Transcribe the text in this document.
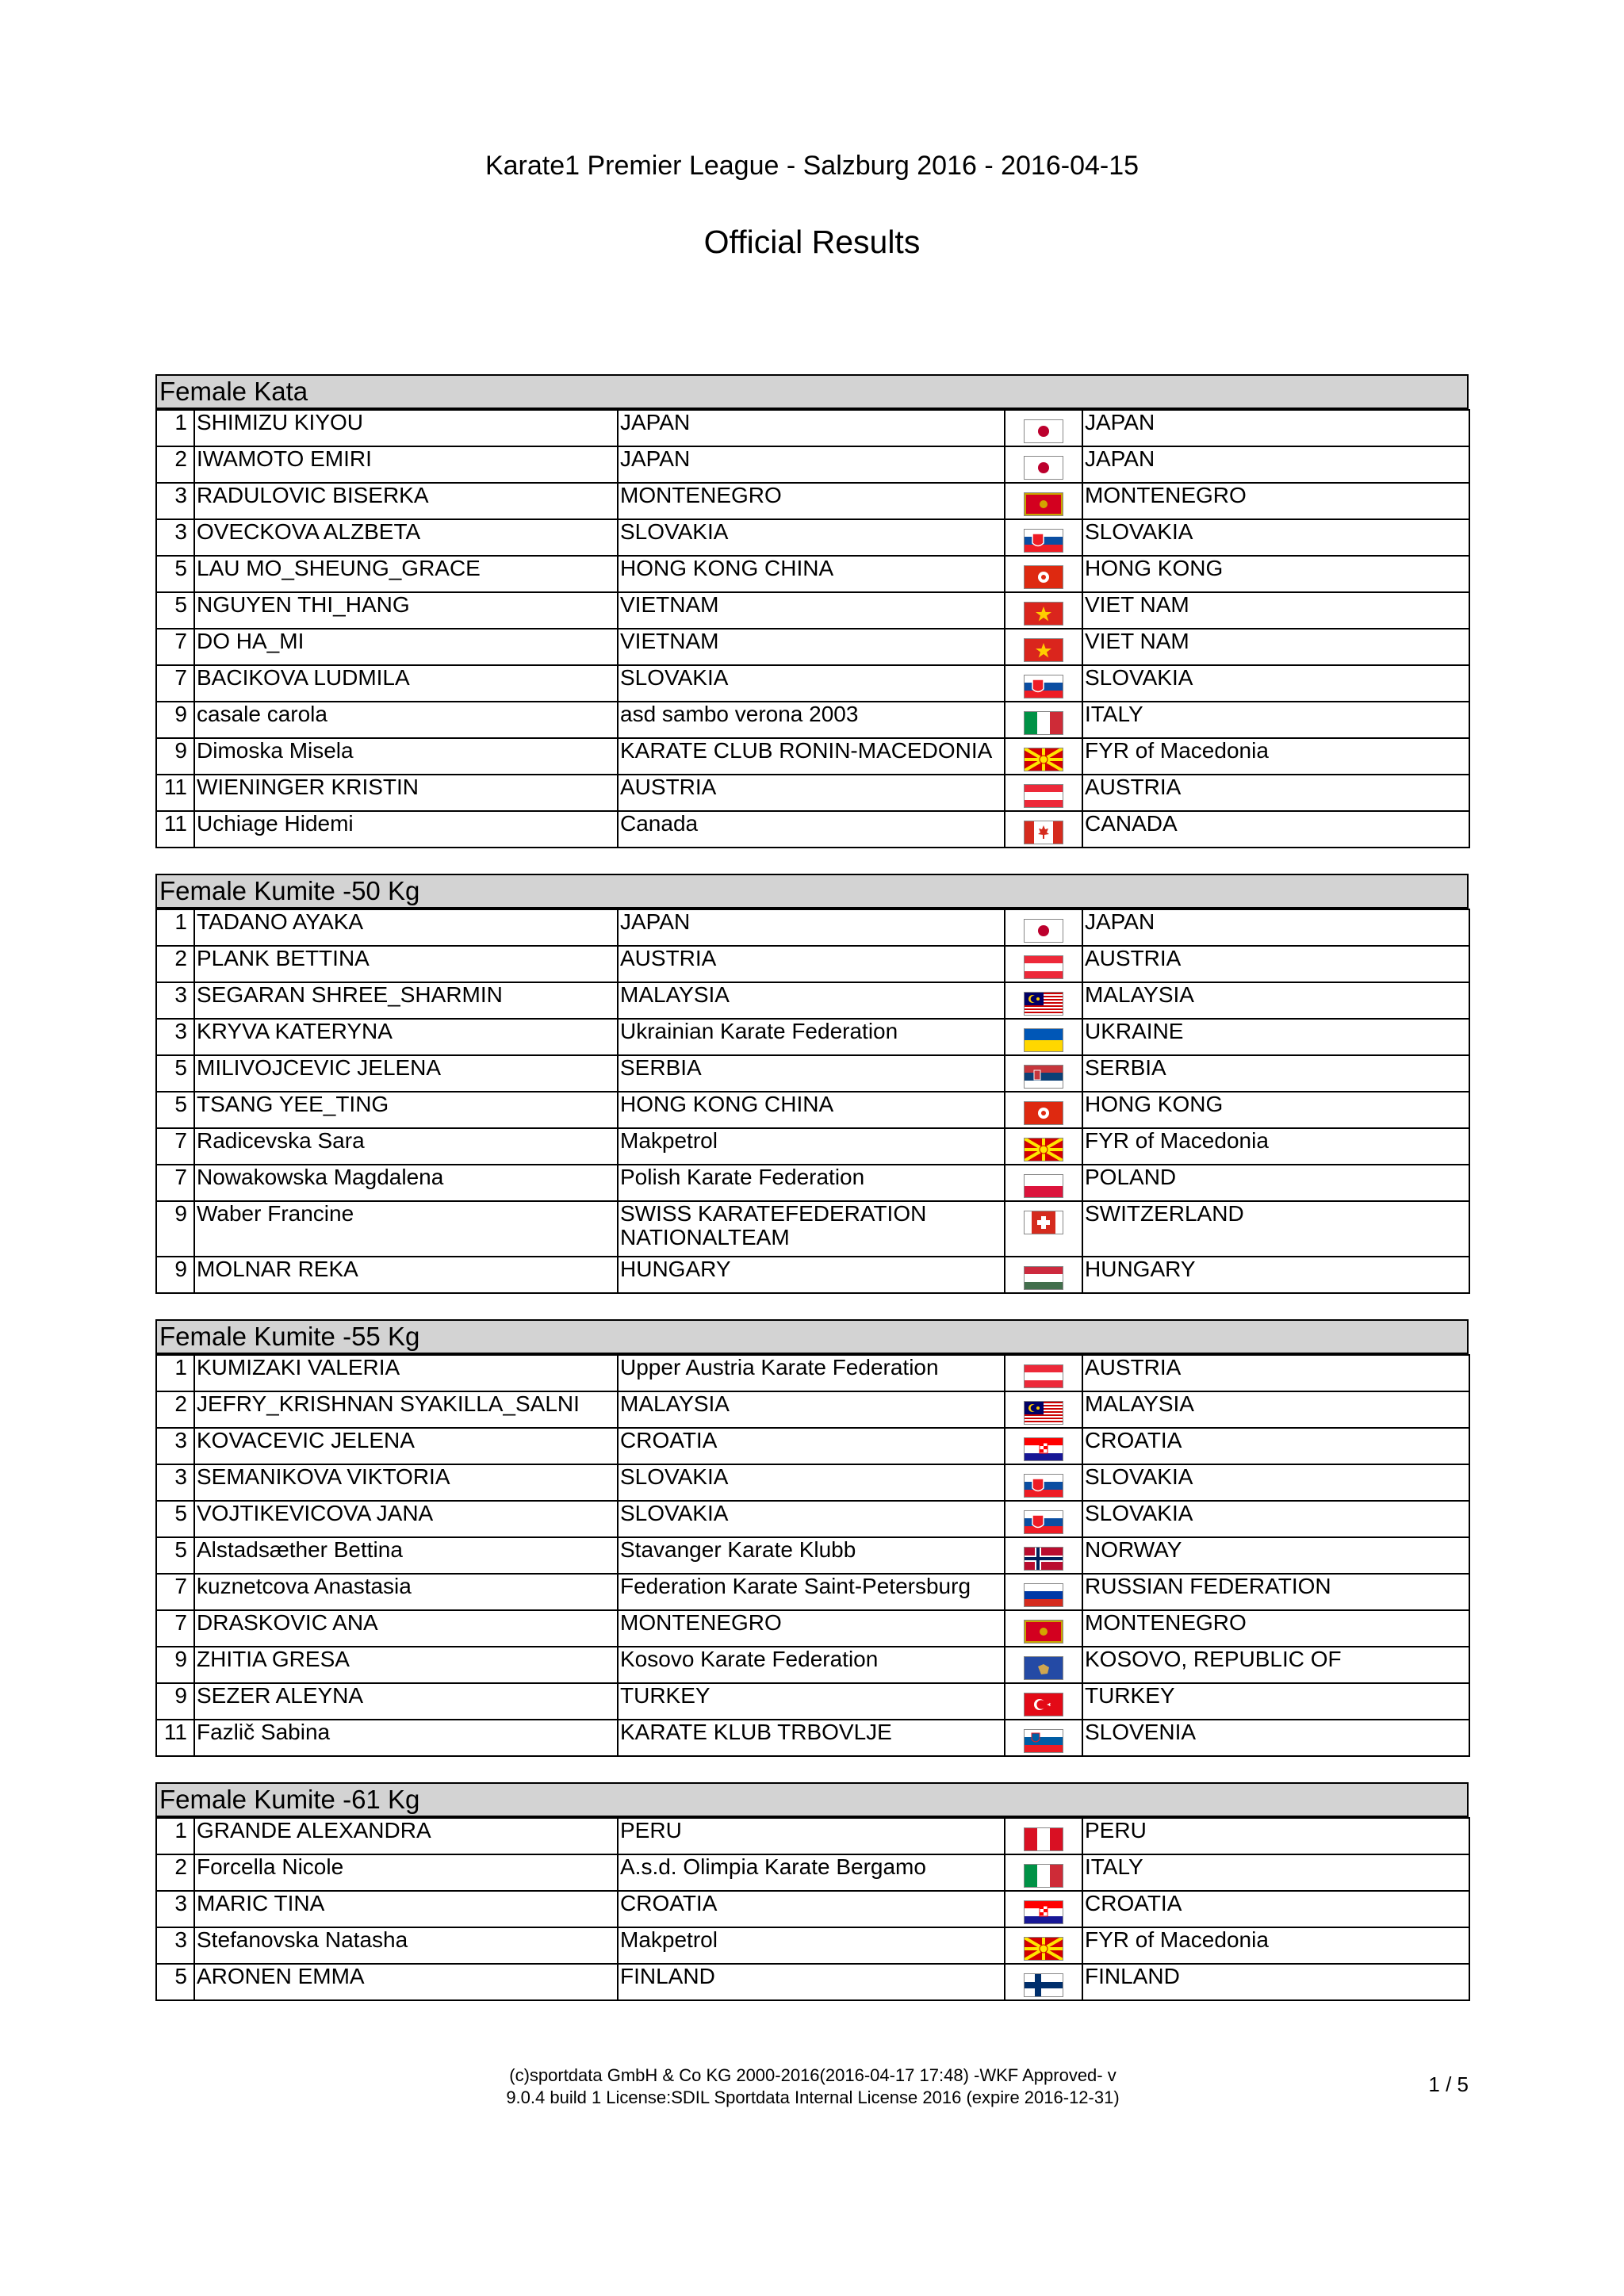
Karate1 Premier League - Salzburg 2016 - 2016-04-15
Official Results
Female Kata
1	SHIMIZU KIYOU	JAPAN		JAPAN
2	IWAMOTO EMIRI	JAPAN		JAPAN
3	RADULOVIC BISERKA	MONTENEGRO		MONTENEGRO
3	OVECKOVA ALZBETA	SLOVAKIA		SLOVAKIA
5	LAU MO_SHEUNG_GRACE	HONG KONG CHINA		HONG KONG
5	NGUYEN THI_HANG	VIETNAM		VIET NAM
7	DO HA_MI	VIETNAM		VIET NAM
7	BACIKOVA LUDMILA	SLOVAKIA		SLOVAKIA
9	casale carola	asd sambo verona 2003		ITALY
9	Dimoska Misela	KARATE CLUB RONIN-MACEDONIA		FYR of Macedonia
11	WIENINGER KRISTIN	AUSTRIA		AUSTRIA
11	Uchiage Hidemi	Canada		CANADA
Female Kumite -50 Kg
1	TADANO AYAKA	JAPAN		JAPAN
2	PLANK BETTINA	AUSTRIA		AUSTRIA
3	SEGARAN SHREE_SHARMIN	MALAYSIA		MALAYSIA
3	KRYVA KATERYNA	Ukrainian Karate Federation		UKRAINE
5	MILIVOJCEVIC JELENA	SERBIA		SERBIA
5	TSANG YEE_TING	HONG KONG CHINA		HONG KONG
7	Radicevska Sara	Makpetrol		FYR of Macedonia
7	Nowakowska Magdalena	Polish Karate Federation		POLAND
9	Waber Francine	SWISS KARATEFEDERATION NATIONALTEAM		SWITZERLAND
9	MOLNAR REKA	HUNGARY		HUNGARY
Female Kumite -55 Kg
1	KUMIZAKI VALERIA	Upper Austria Karate Federation		AUSTRIA
2	JEFRY_KRISHNAN SYAKILLA_SALNI	MALAYSIA		MALAYSIA
3	KOVACEVIC JELENA	CROATIA		CROATIA
3	SEMANIKOVA VIKTORIA	SLOVAKIA		SLOVAKIA
5	VOJTIKEVICOVA JANA	SLOVAKIA		SLOVAKIA
5	Alstadsæther Bettina	Stavanger Karate Klubb		NORWAY
7	kuznetcova Anastasia	Federation Karate Saint-Petersburg		RUSSIAN FEDERATION
7	DRASKOVIC ANA	MONTENEGRO		MONTENEGRO
9	ZHITIA GRESA	Kosovo Karate Federation		KOSOVO, REPUBLIC OF
9	SEZER ALEYNA	TURKEY		TURKEY
11	Fazlič Sabina	KARATE KLUB TRBOVLJE		SLOVENIA
Female Kumite -61 Kg
1	GRANDE ALEXANDRA	PERU		PERU
2	Forcella Nicole	A.s.d. Olimpia Karate Bergamo		ITALY
3	MARIC TINA	CROATIA		CROATIA
3	Stefanovska Natasha	Makpetrol		FYR of Macedonia
5	ARONEN EMMA	FINLAND		FINLAND
(c)sportdata GmbH & Co KG 2000-2016(2016-04-17 17:48) -WKF Approved- v
9.0.4 build 1 License:SDIL Sportdata Internal License 2016 (expire 2016-12-31)
1 / 5
